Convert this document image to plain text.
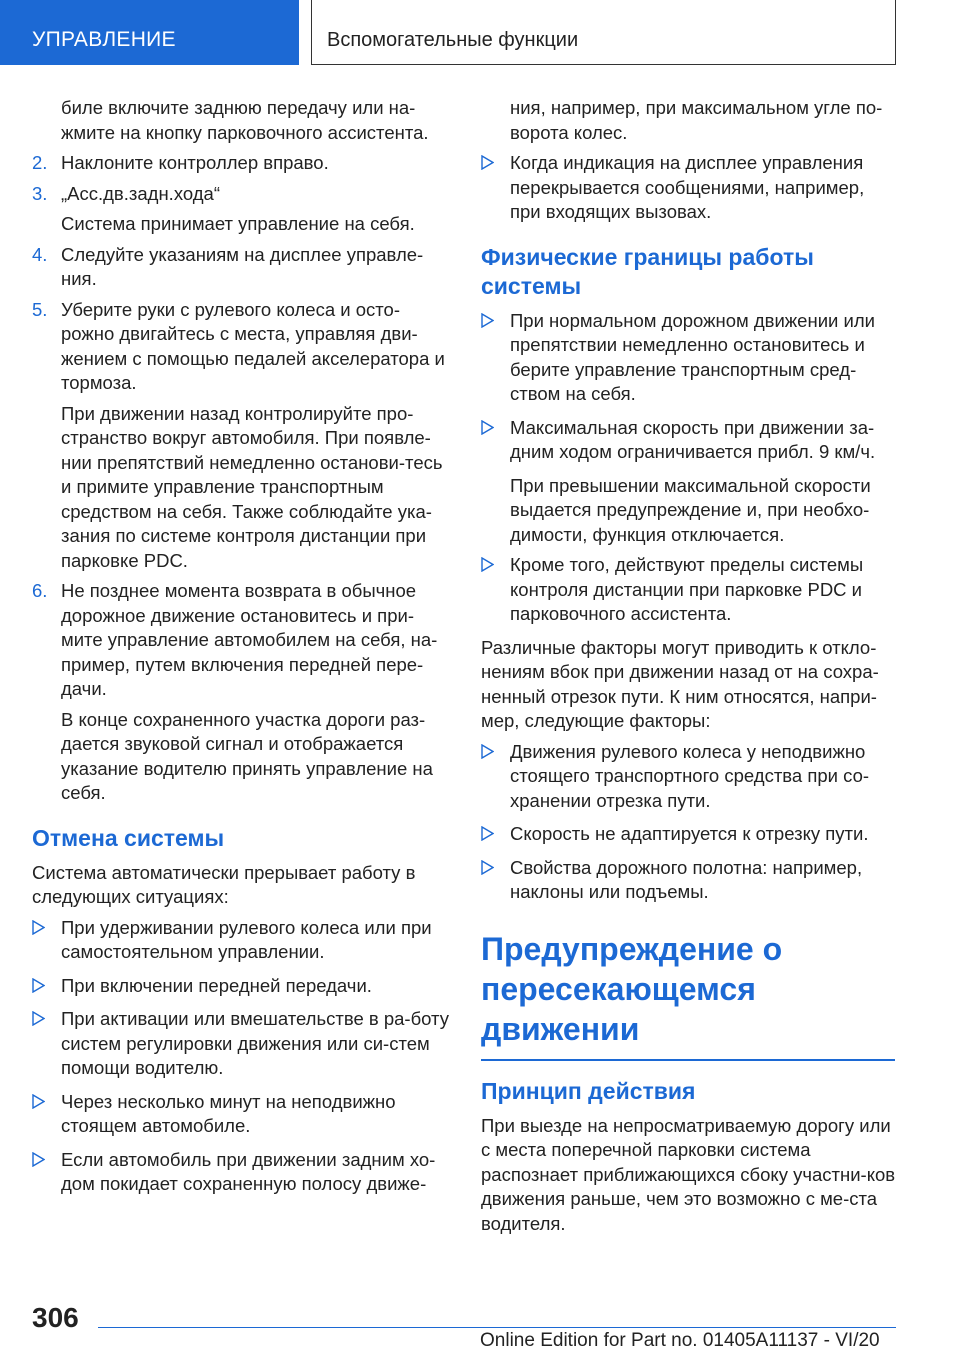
УПРАВЛЕНИЕ	Вспомогательные функции
биле включите заднюю передачу или на-жмите на кнопку парковочного ассистента.
2. Наклоните контроллер вправо.
3. „Асс.дв.задн.хода“
Система принимает управление на себя.
4. Следуйте указаниям на дисплее управле-ния.
5. Уберите руки с рулевого колеса и осто-рожно двигайтесь с места, управляя дви-жением с помощью педалей акселератора и тормоза.
При движении назад контролируйте про-странство вокруг автомобиля. При появле-нии препятствий немедленно останови-тесь и примите управление транспортным средством на себя. Также соблюдайте ука-зания по системе контроля дистанции при парковке PDC.
6. Не позднее момента возврата в обычное дорожное движение остановитесь и при-мите управление автомобилем на себя, на-пример, путем включения передней пере-дачи.
В конце сохраненного участка дороги раз-дается звуковой сигнал и отображается указание водителю принять управление на себя.
Отмена системы
Система автоматически прерывает работу в следующих ситуациях:
При удерживании рулевого колеса или при самостоятельном управлении.
При включении передней передачи.
При активации или вмешательстве в ра-боту систем регулировки движения или си-стем помощи водителю.
Через несколько минут на неподвижно стоящем автомобиле.
Если автомобиль при движении задним хо-дом покидает сохраненную полосу движе-
ния, например, при максимальном угле по-ворота колес.
Когда индикация на дисплее управления перекрывается сообщениями, например, при входящих вызовах.
Физические границы работы системы
При нормальном дорожном движении или препятствии немедленно остановитесь и берите управление транспортным сред-ством на себя.
Максимальная скорость при движении за-дним ходом ограничивается прибл. 9 км/ч.
При превышении максимальной скорости выдается предупреждение и, при необхо-димости, функция отключается.
Кроме того, действуют пределы системы контроля дистанции при парковке PDC и парковочного ассистента.
Различные факторы могут приводить к откло-нениям вбок при движении назад от на сохра-ненный отрезок пути. К ним относятся, напри-мер, следующие факторы:
Движения рулевого колеса у неподвижно стоящего транспортного средства при со-хранении отрезка пути.
Скорость не адаптируется к отрезку пути.
Свойства дорожного полотна: например, наклоны или подъемы.
Предупреждение о пересекающемся движении
Принцип действия
При выезде на непросматриваемую дорогу или с места поперечной парковки система распознает приближающихся сбоку участни-ков движения раньше, чем это возможно с ме-ста водителя.
306
Online Edition for Part no. 01405A11137 - VI/20
